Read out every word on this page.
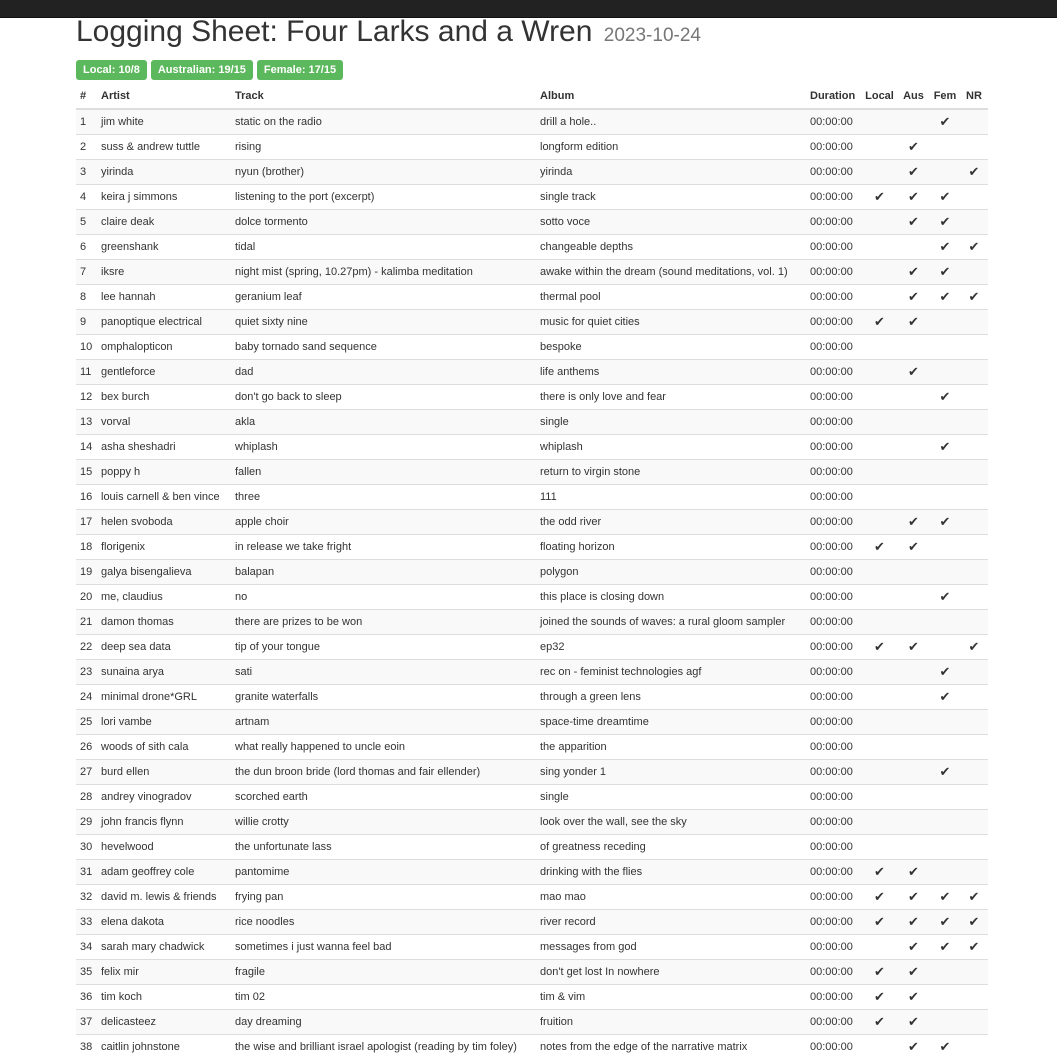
Logging Sheet: Four Larks and a Wren 2023-10-24
Local: 10/8	Australian: 19/15	Female: 17/15
#	Artist	Track	Album	Duration	Local	Aus	Fem	NR
1	jim white	static on the radio	drill a hole..	00:00:00			✔	
2	suss & andrew tuttle	rising	longform edition	00:00:00		✔		
3	yirinda	nyun (brother)	yirinda	00:00:00		✔		✔
4	keira j simmons	listening to the port (excerpt)	single track	00:00:00	✔	✔	✔	
5	claire deak	dolce tormento	sotto voce	00:00:00		✔	✔	
6	greenshank	tidal	changeable depths	00:00:00			✔	✔
7	iksre	night mist (spring, 10.27pm) - kalimba meditation	awake within the dream (sound meditations, vol. 1)	00:00:00		✔	✔	
8	lee hannah	geranium leaf	thermal pool	00:00:00		✔	✔	✔
9	panoptique electrical	quiet sixty nine	music for quiet cities	00:00:00	✔	✔		
10	omphalopticon	baby tornado sand sequence	bespoke	00:00:00				
11	gentleforce	dad	life anthems	00:00:00		✔		
12	bex burch	don't go back to sleep	there is only love and fear	00:00:00			✔	
13	vorval	akla	single	00:00:00				
14	asha sheshadri	whiplash	whiplash	00:00:00			✔	
15	poppy h	fallen	return to virgin stone	00:00:00				
16	louis carnell & ben vince	three	111	00:00:00				
17	helen svoboda	apple choir	the odd river	00:00:00		✔	✔	
18	florigenix	in release we take fright	floating horizon	00:00:00	✔	✔		
19	galya bisengalieva	balapan	polygon	00:00:00				
20	me, claudius	no	this place is closing down	00:00:00			✔	
21	damon thomas	there are prizes to be won	joined the sounds of waves: a rural gloom sampler	00:00:00				
22	deep sea data	tip of your tongue	ep32	00:00:00	✔	✔		✔
23	sunaina arya	sati	rec on - feminist technologies agf	00:00:00			✔	
24	minimal drone*GRL	granite waterfalls	through a green lens	00:00:00			✔	
25	lori vambe	artnam	space-time dreamtime	00:00:00				
26	woods of sith cala	what really happened to uncle eoin	the apparition	00:00:00				
27	burd ellen	the dun broon bride (lord thomas and fair ellender)	sing yonder 1	00:00:00			✔	
28	andrey vinogradov	scorched earth	single	00:00:00				
29	john francis flynn	willie crotty	look over the wall, see the sky	00:00:00				
30	hevelwood	the unfortunate lass	of greatness receding	00:00:00				
31	adam geoffrey cole	pantomime	drinking with the flies	00:00:00	✔	✔		
32	david m. lewis & friends	frying pan	mao mao	00:00:00	✔	✔	✔	✔
33	elena dakota	rice noodles	river record	00:00:00	✔	✔	✔	✔
34	sarah mary chadwick	sometimes i just wanna feel bad	messages from god	00:00:00		✔	✔	✔
35	felix mir	fragile	don't get lost In nowhere	00:00:00	✔	✔		
36	tim koch	tim 02	tim & vim	00:00:00	✔	✔		
37	delicasteez	day dreaming	fruition	00:00:00	✔	✔		
38	caitlin johnstone	the wise and brilliant israel apologist (reading by tim foley)	notes from the edge of the narrative matrix	00:00:00		✔	✔	
